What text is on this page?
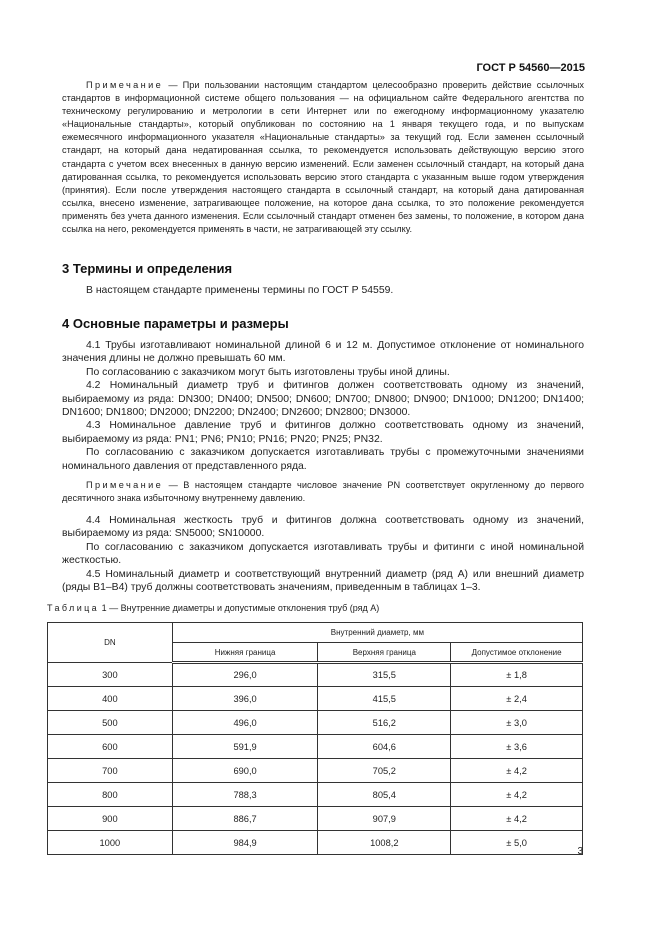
ГОСТ Р 54560—2015
Примечание — При пользовании настоящим стандартом целесообразно проверить действие ссылочных стандартов в информационной системе общего пользования — на официальном сайте Федерального агентства по техническому регулированию и метрологии в сети Интернет или по ежегодному информационному указателю «Национальные стандарты», который опубликован по состоянию на 1 января текущего года, и по выпускам ежемесячного информационного указателя «Национальные стандарты» за текущий год. Если заменен ссылочный стандарт, на который дана недатированная ссылка, то рекомендуется использовать действующую версию этого стандарта с учетом всех внесенных в данную версию изменений. Если заменен ссылочный стандарт, на который дана датированная ссылка, то рекомендуется использовать версию этого стандарта с указанным выше годом утверждения (принятия). Если после утверждения настоящего стандарта в ссылочный стандарт, на который дана датированная ссылка, внесено изменение, затрагивающее положение, на которое дана ссылка, то это положение рекомендуется применять без учета данного изменения. Если ссылочный стандарт отменен без замены, то положение, в котором дана ссылка на него, рекомендуется применять в части, не затрагивающей эту ссылку.
3 Термины и определения

В настоящем стандарте применены термины по ГОСТ Р 54559.

4 Основные параметры и размеры

4.1 Трубы изготавливают номинальной длиной 6 и 12 м. Допустимое отклонение от номинального значения длины не должно превышать 60 мм.

По согласованию с заказчиком могут быть изготовлены трубы иной длины.

4.2 Номинальный диаметр труб и фитингов должен соответствовать одному из значений, выбираемому из ряда: DN300; DN400; DN500; DN600; DN700; DN800; DN900; DN1000; DN1200; DN1400; DN1600; DN1800; DN2000; DN2200; DN2400; DN2600; DN2800; DN3000.

4.3 Номинальное давление труб и фитингов должно соответствовать одному из значений, выбираемому из ряда: PN1; PN6; PN10; PN16; PN20; PN25; PN32.

По согласованию с заказчиком допускается изготавливать трубы с промежуточными значениями номинального давления от представленного ряда.

Примечание — В настоящем стандарте числовое значение PN соответствует округленному до первого десятичного знака избыточному внутреннему давлению.

4.4 Номинальная жесткость труб и фитингов должна соответствовать одному из значений, выбираемому из ряда: SN5000; SN10000.

По согласованию с заказчиком допускается изготавливать трубы и фитинги с иной номинальной жесткостью.

4.5 Номинальный диаметр и соответствующий внутренний диаметр (ряд А) или внешний диаметр (ряды В1–В4) труб должны соответствовать значениям, приведенным в таблицах 1–3.

Таблица 1 — Внутренние диаметры и допустимые отклонения труб (ряд А)
DN	Внутренний диаметр, мм		
	Нижняя граница	Верхняя граница	Допустимое отклонение
300	296,0	315,5	± 1,8
400	396,0	415,5	± 2,4
500	496,0	516,2	± 3,0
600	591,9	604,6	± 3,6
700	690,0	705,2	± 4,2
800	788,3	805,4	± 4,2
900	886,7	907,9	± 4,2
1000	984,9	1008,2	± 5,0
3
